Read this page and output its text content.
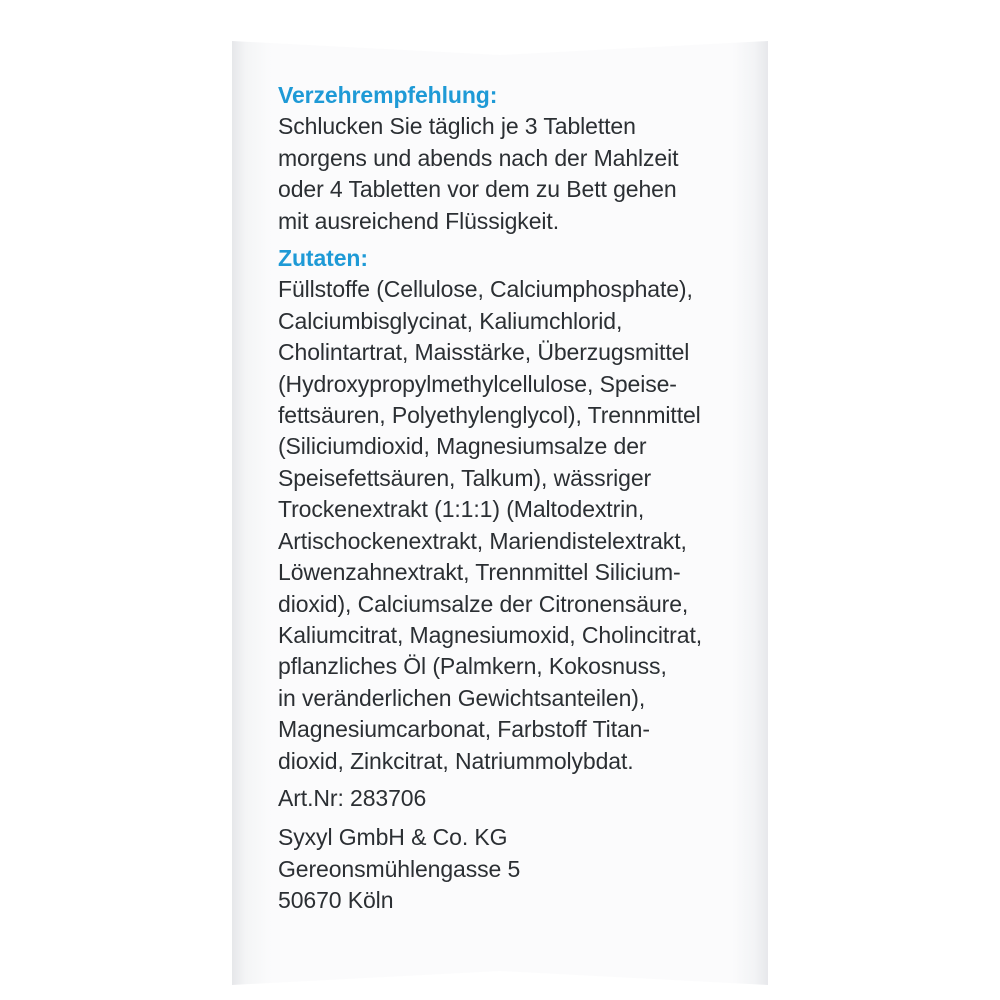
Verzehrempfehlung:

Schlucken Sie täglich je 3 Tabletten
morgens und abends nach der Mahlzeit
oder 4 Tabletten vor dem zu Bett gehen
mit ausreichend Flüssigkeit.

Zutaten:

Füllstoffe (Cellulose, Calciumphosphate),
Calciumbisglycinat, Kaliumchlorid,
Cholintartrat, Maisstärke, Überzugsmittel
(Hydroxypropylmethylcellulose, Speise-
fettsäuren, Polyethylenglycol), Trennmittel
(Siliciumdioxid, Magnesiumsalze der
Speisefettsäuren, Talkum), wässriger
Trockenextrakt (1:1:1) (Maltodextrin,
Artischockenextrakt, Mariendistelextrakt,
Löwenzahnextrakt, Trennmittel Silicium-
dioxid), Calciumsalze der Citronensäure,
Kaliumcitrat, Magnesiumoxid, Cholincitrat,
pflanzliches Öl (Palmkern, Kokosnuss,
in veränderlichen Gewichtsanteilen),
Magnesiumcarbonat, Farbstoff Titan-
dioxid, Zinkcitrat, Natriummolybdat.

Art.Nr: 283706

Syxyl GmbH & Co. KG

Gereonsmühlengasse 5

50670 Köln
